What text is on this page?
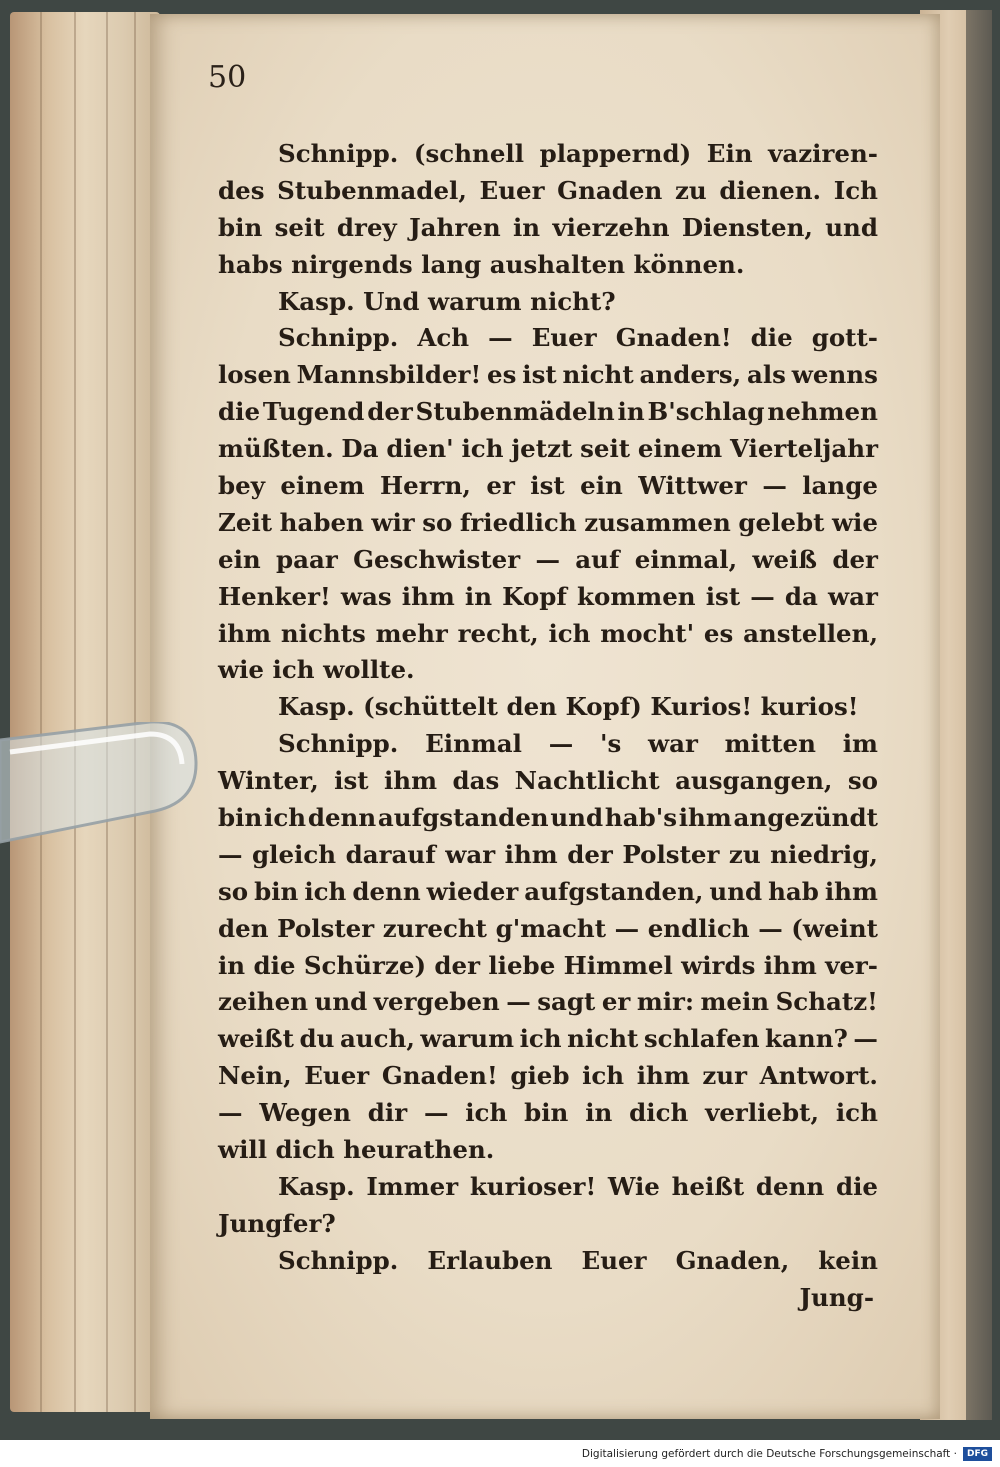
50
Schnipp. (schnell plappernd) Ein vaziren-
des Stubenmadel, Euer Gnaden zu dienen. Ich
bin seit drey Jahren in vierzehn Diensten, und
habs nirgends lang aushalten können.
Kasp. Und warum nicht?
Schnipp. Ach — Euer Gnaden! die gott-
losen Mannsbilder! es ist nicht anders, als wenns
die Tugend der Stubenmädeln in B'schlag nehmen
müßten. Da dien' ich jetzt seit einem Vierteljahr
bey einem Herrn, er ist ein Wittwer — lange
Zeit haben wir so friedlich zusammen gelebt wie
ein paar Geschwister — auf einmal, weiß der
Henker! was ihm in Kopf kommen ist — da war
ihm nichts mehr recht, ich mocht' es anstellen,
wie ich wollte.
Kasp. (schüttelt den Kopf) Kurios! kurios!
Schnipp. Einmal — 's war mitten im
Winter, ist ihm das Nachtlicht ausgangen, so
bin ich denn aufgstanden und hab's ihm angezündt
— gleich darauf war ihm der Polster zu niedrig,
so bin ich denn wieder aufgstanden, und hab ihm
den Polster zurecht g'macht — endlich — (weint
in die Schürze) der liebe Himmel wirds ihm ver-
zeihen und vergeben — sagt er mir: mein Schatz!
weißt du auch, warum ich nicht schlafen kann? —
Nein, Euer Gnaden! gieb ich ihm zur Antwort.
— Wegen dir — ich bin in dich verliebt, ich
will dich heurathen.
Kasp. Immer kurioser! Wie heißt denn die
Jungfer?
Schnipp. Erlauben Euer Gnaden, kein
Jung-
Digitalisierung gefördert durch die Deutsche Forschungsgemeinschaft ·	DFG
